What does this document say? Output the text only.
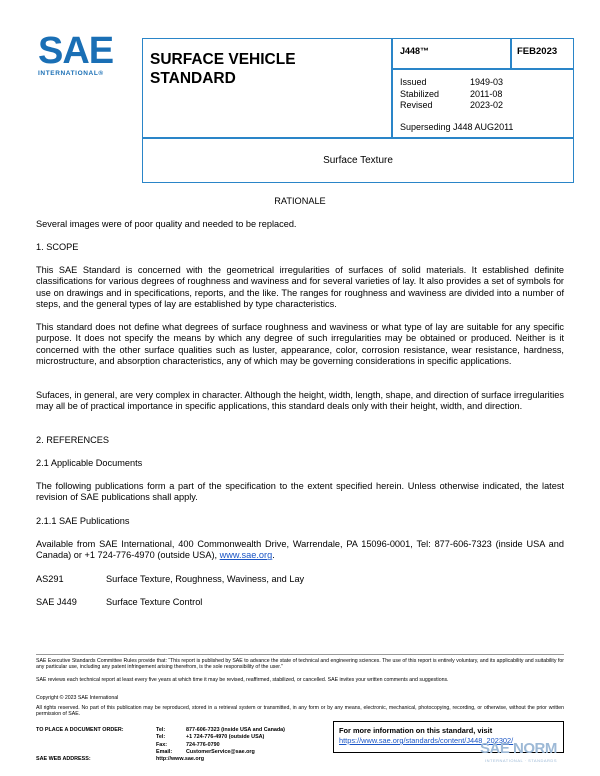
SAE
INTERNATIONAL®
SURFACE VEHICLE
STANDARD
J448™	FEB2023
Issued	1949-03
Stabilized	2011-08
Revised	2023-02
Superseding J448 AUG2011
Surface Texture
RATIONALE
Several images were of poor quality and needed to be replaced.
1. SCOPE
This SAE Standard is concerned with the geometrical irregularities of surfaces of solid materials. It established definite classifications for various degrees of roughness and waviness and for several varieties of lay. It also provides a set of symbols for use on drawings and in specifications, reports, and the like. The ranges for roughness and waviness are divided into a number of steps, and the general types of lay are established by type characteristics.
This standard does not define what degrees of surface roughness and waviness or what type of lay are suitable for any specific purpose. It does not specify the means by which any degree of such irregularities may be obtained or produced. Neither is it concerned with the other surface qualities such as luster, appearance, color, corrosion resistance, wear resistance, hardness, microstructure, and absorption characteristics, any of which may be governing considerations in specific applications.
Sufaces, in general, are very complex in character. Although the height, width, length, shape, and direction of surface irregularities may all be of practical importance in specific applications, this standard deals only with their height, width, and direction.
2. REFERENCES
2.1 Applicable Documents
The following publications form a part of the specification to the extent specified herein. Unless otherwise indicated, the latest revision of SAE publications shall apply.
2.1.1 SAE Publications
Available from SAE International, 400 Commonwealth Drive, Warrendale, PA 15096-0001, Tel: 877-606-7323 (inside USA and Canada) or +1 724-776-4970 (outside USA), www.sae.org.
AS291	Surface Texture, Roughness, Waviness, and Lay
SAE J449	Surface Texture Control
SAE Executive Standards Committee Rules provide that: “This report is published by SAE to advance the state of technical and engineering sciences. The use of this report is entirely voluntary, and its applicability and suitability for any particular use, including any patent infringement arising therefrom, is the sole responsibility of the user.”
SAE reviews each technical report at least every five years at which time it may be revised, reaffirmed, stabilized, or cancelled. SAE invites your written comments and suggestions.
Copyright © 2023 SAE International
All rights reserved. No part of this publication may be reproduced, stored in a retrieval system or transmitted, in any form or by any means, electronic, mechanical, photocopying, recording, or otherwise, without the prior written permission of SAE.
TO PLACE A DOCUMENT ORDER:	Tel:	877-606-7323 (inside USA and Canada)
Tel:	+1 724-776-4970 (outside USA)
Fax:	724-776-0790
Email:	CustomerService@sae.org
SAE WEB ADDRESS:	http://www.sae.org
For more information on this standard, visit
https://www.sae.org/standards/content/J448_202302/
SAE NORM
INTERNATIONAL · STANDARDS
